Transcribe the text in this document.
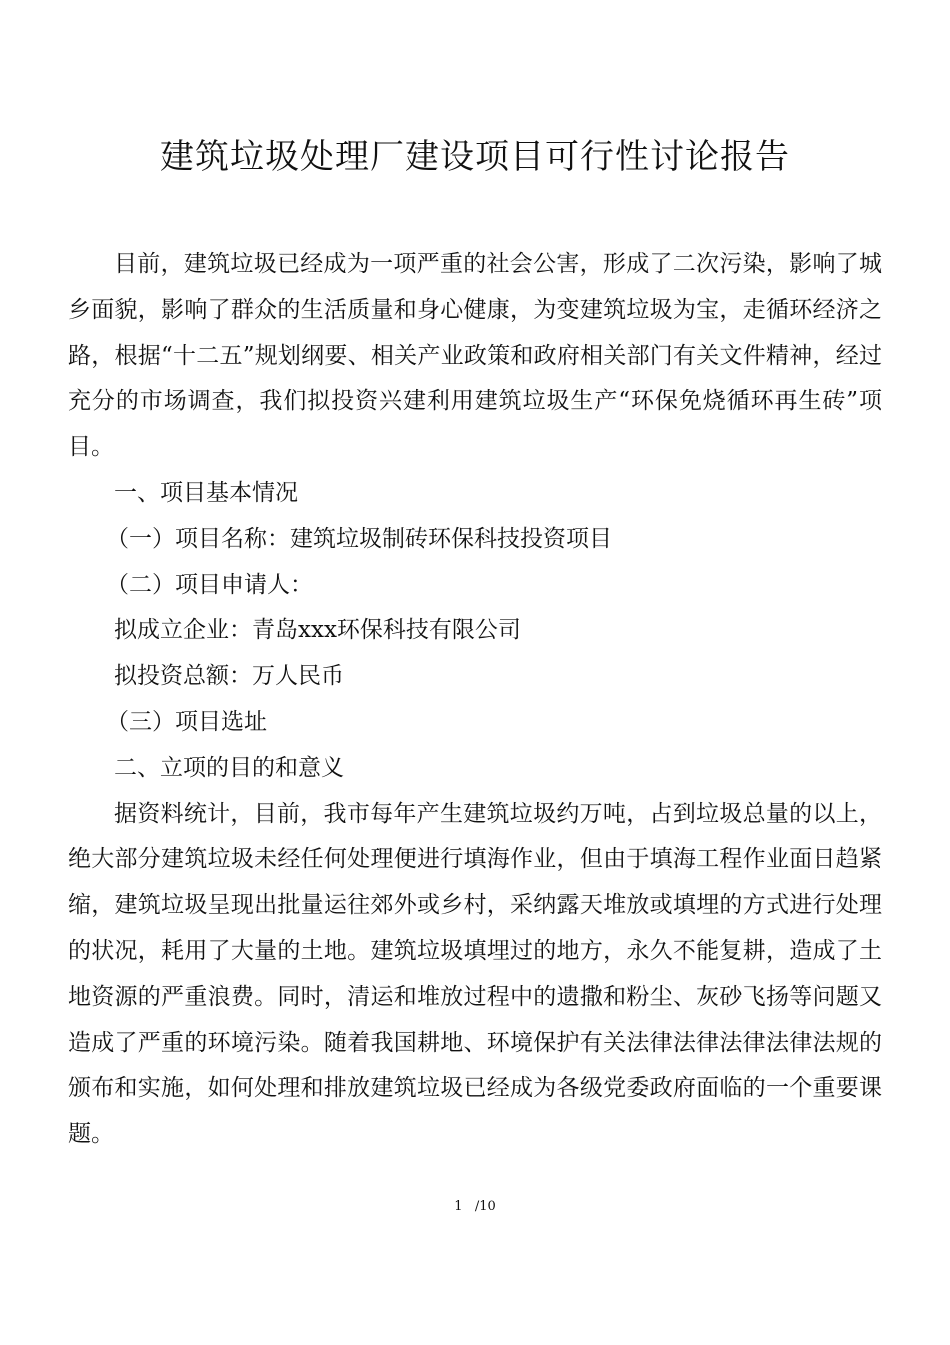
建筑垃圾处理厂建设项目可行性讨论报告

目前，建筑垃圾已经成为一项严重的社会公害，形成了二次污染，影响了城乡面貌，影响了群众的生活质量和身心健康，为变建筑垃圾为宝，走循环经济之路，根据“十二五”规划纲要、相关产业政策和政府相关部门有关文件精神，经过充分的市场调查，我们拟投资兴建利用建筑垃圾生产“环保免烧循环再生砖”项目。

一、项目基本情况

（一）项目名称：建筑垃圾制砖环保科技投资项目

（二）项目申请人：

拟成立企业：青岛xxx环保科技有限公司

拟投资总额：万人民币

（三）项目选址

二、立项的目的和意义

据资料统计，目前，我市每年产生建筑垃圾约万吨，占到垃圾总量的以上，绝大部分建筑垃圾未经任何处理便进行填海作业，但由于填海工程作业面日趋紧缩，建筑垃圾呈现出批量运往郊外或乡村，采纳露天堆放或填埋的方式进行处理的状况，耗用了大量的土地。建筑垃圾填埋过的地方，永久不能复耕，造成了土地资源的严重浪费。同时，清运和堆放过程中的遗撒和粉尘、灰砂飞扬等问题又造成了严重的环境污染。随着我国耕地、环境保护有关法律法律法律法律法规的颁布和实施，如何处理和排放建筑垃圾已经成为各级党委政府面临的一个重要课题。

1 /10
